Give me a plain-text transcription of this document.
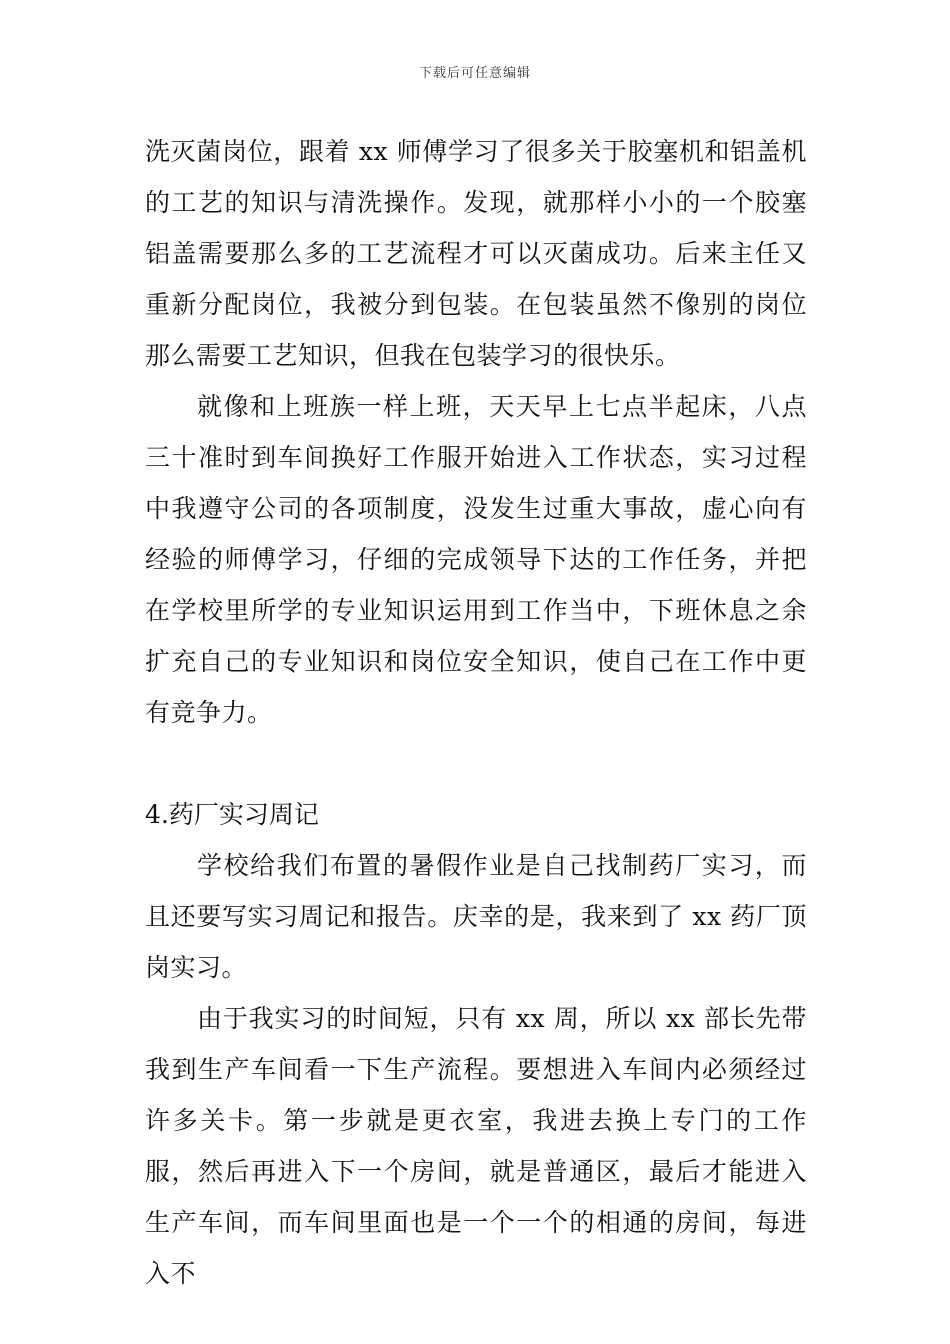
下载后可任意编辑

洗灭菌岗位，跟着 xx 师傅学习了很多关于胶塞机和铝盖机的工艺的知识与清洗操作。发现，就那样小小的一个胶塞铝盖需要那么多的工艺流程才可以灭菌成功。后来主任又重新分配岗位，我被分到包装。在包装虽然不像别的岗位那么需要工艺知识，但我在包装学习的很快乐。

就像和上班族一样上班，天天早上七点半起床，八点三十准时到车间换好工作服开始进入工作状态，实习过程中我遵守公司的各项制度，没发生过重大事故，虚心向有经验的师傅学习，仔细的完成领导下达的工作任务，并把在学校里所学的专业知识运用到工作当中，下班休息之余扩充自己的专业知识和岗位安全知识，使自己在工作中更有竞争力。

4.药厂实习周记

学校给我们布置的暑假作业是自己找制药厂实习，而且还要写实习周记和报告。庆幸的是，我来到了 xx 药厂顶岗实习。

由于我实习的时间短，只有 xx 周，所以 xx 部长先带我到生产车间看一下生产流程。要想进入车间内必须经过许多关卡。第一步就是更衣室，我进去换上专门的工作服，然后再进入下一个房间，就是普通区，最后才能进入生产车间，而车间里面也是一个一个的相通的房间，每进入不
